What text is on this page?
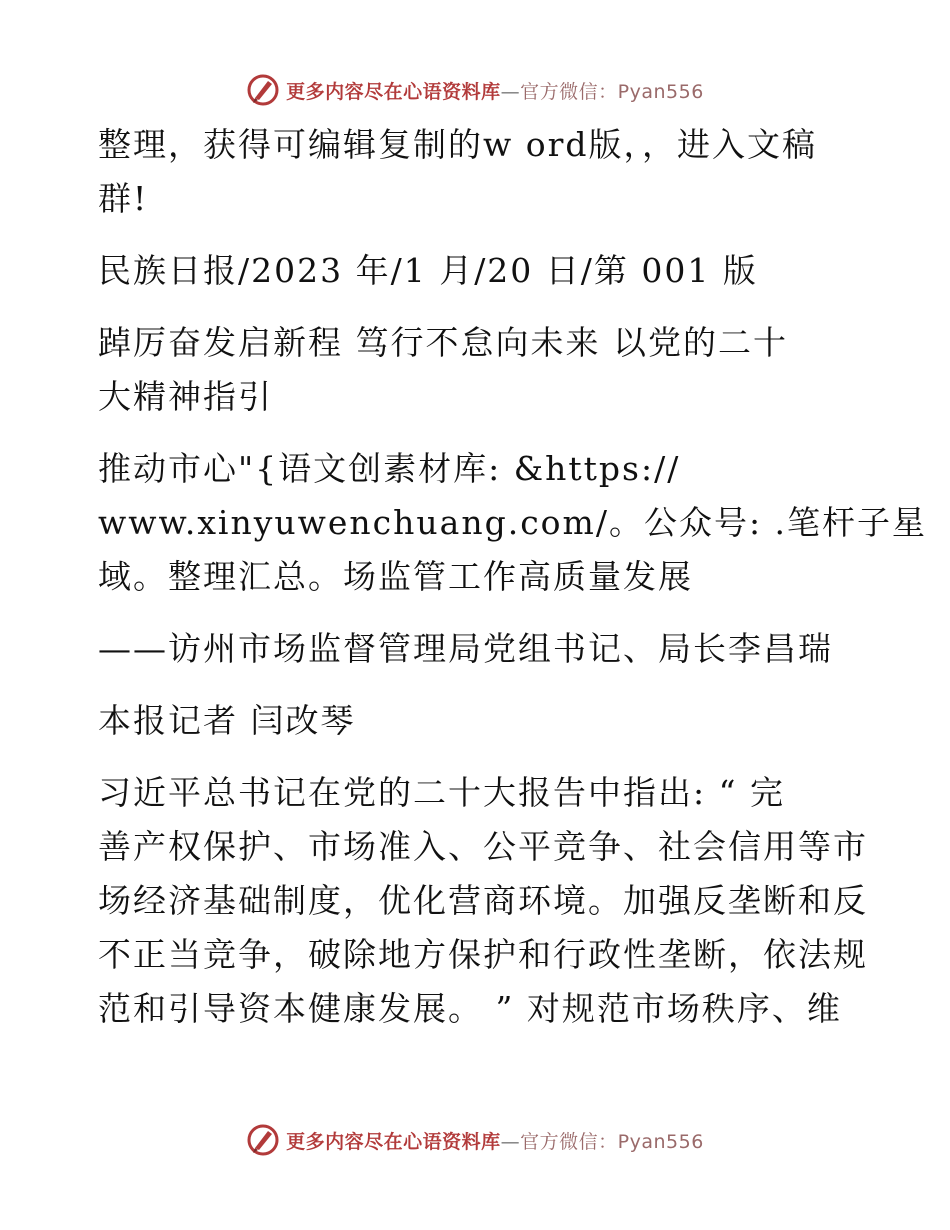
更多内容尽在心语资料库—官方微信：Pyan556
整理，获得可编辑复制的w ord版，，进入文稿
群!
民族日报/2023 年/1 月/20 日/第 001 版
踔厉奋发启新程 笃行不怠向未来 以党的二十
大精神指引
推动市心"{语文创素材库: &https://
www.xinyuwenchuang.com/。公众号: .笔杆子星
域。整理汇总。场监管工作高质量发展
——访州市场监督管理局党组书记、局长李昌瑞
本报记者 闫改琴
习近平总书记在党的二十大报告中指出: “ 完
善产权保护、市场准入、公平竞争、社会信用等市
场经济基础制度，优化营商环境。加强反垄断和反
不正当竞争，破除地方保护和行政性垄断，依法规
范和引导资本健康发展。 ” 对规范市场秩序、维
更多内容尽在心语资料库—官方微信：Pyan556
